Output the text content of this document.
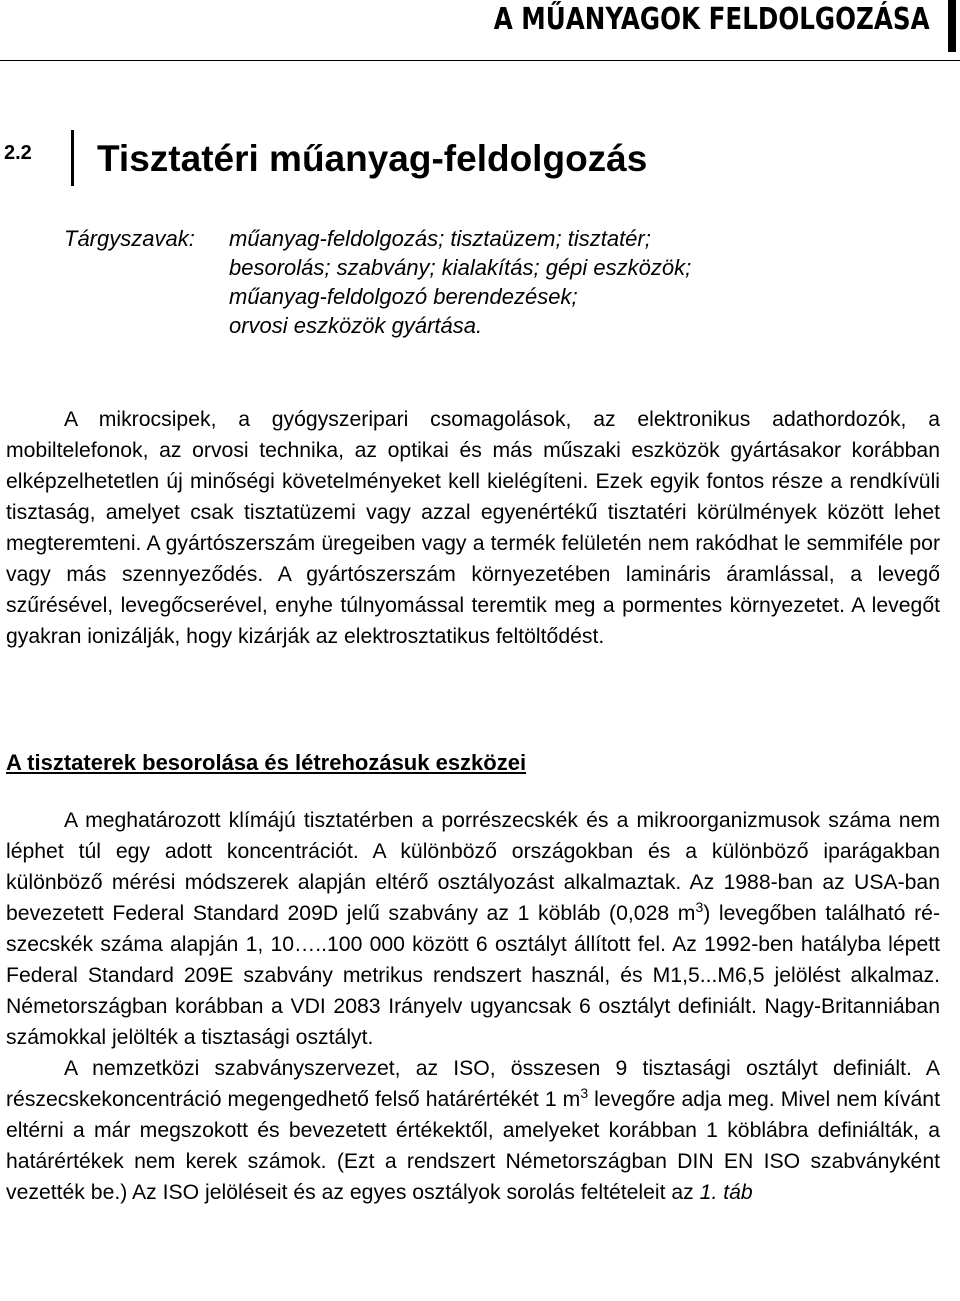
A MŰANYAGOK FELDOLGOZÁSA
2.2 Tisztatéri műanyag-feldolgozás
Tárgyszavak: műanyag-feldolgozás; tisztaüzem; tisztatér;
besorolás; szabvány; kialakítás; gépi eszközök;
műanyag-feldolgozó berendezések;
orvosi eszközök gyártása.

A mikrocsipek, a gyógyszeripari csomagolások, az elektronikus adathordozók, a mobiltelefonok, az orvosi technika, az optikai és más műszaki eszközök gyártásakor korábban elképzelhetetlen új minőségi követelményeket kell kielégíteni. Ezek egyik fontos része a rendkívüli tisztaság, amelyet csak tisztatüzemi vagy azzal egyenértékű tisztatéri körülmények között lehet megteremteni. A gyártószerszám üregeiben vagy a termék felületén nem rakódhat le semmiféle por vagy más szennyeződés. A gyártószerszám környezetében lamináris áramlással, a levegő szűrésével, levegőcserével, enyhe túlnyomással teremtik meg a pormentes környezetet. A levegőt gyakran ionizálják, hogy kizárják az elektrosztatikus feltöltődést.

A tisztaterek besorolása és létrehozásuk eszközei

A meghatározott klímájú tisztatérben a porrészecskék és a mikroorganizmusok száma nem léphet túl egy adott koncentrációt. A különböző országokban és a különböző iparágakban különböző mérési módszerek alapján eltérő osztályozást alkalmaztak. Az 1988-ban az USA-ban bevezetett Federal Standard 209D jelű szabvány az 1 köbláb (0,028 $m^3$) levegőben található részecskék száma alapján 1, 10…..100 000 között 6 osztályt állított fel. Az 1992-ben hatályba lépett Federal Standard 209E szabvány metrikus rendszert használ, és M1,5...M6,5 jelölést alkalmaz. Németországban korábban a VDI 2083 Irányelv ugyancsak 6 osztályt definiált. Nagy-Britanniában számokkal jelölték a tisztasági osztályt.

A nemzetközi szabványszervezet, az ISO, összesen 9 tisztasági osztályt definiált. A részecskekoncentráció megengedhető felső határértékét 1 $m^3$ levegőre adja meg. Mivel nem kívánt eltérni a már megszokott és bevezetett értékektől, amelyeket korábban 1 köblábra definiálták, a határértékek nem kerek számok. (Ezt a rendszert Németországban DIN EN ISO szabványként vezették be.) Az ISO jelöléseit és az egyes osztályok sorolás feltételeit az 1. táb
